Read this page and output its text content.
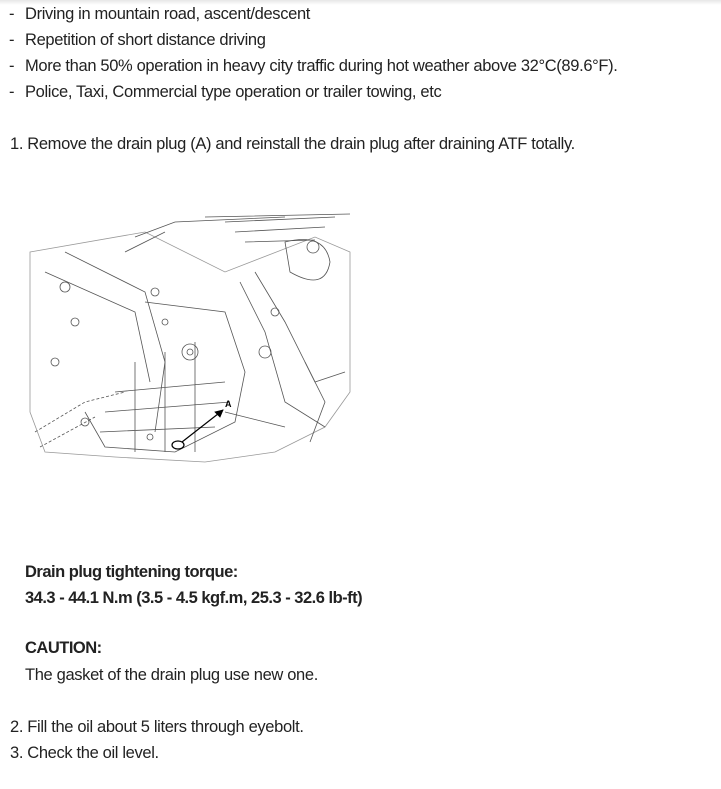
- Driving in mountain road, ascent/descent
- Repetition of short distance driving
- More than 50% operation in heavy city traffic during hot weather above 32°C(89.6°F).
- Police, Taxi, Commercial type operation or trailer towing, etc
1. Remove the drain plug (A) and reinstall the drain plug after draining ATF totally.
A
Drain plug tightening torque:
34.3 - 44.1 N.m (3.5 - 4.5 kgf.m, 25.3 - 32.6 lb-ft)
CAUTION:
The gasket of the drain plug use new one.
2. Fill the oil about 5 liters through eyebolt.
3. Check the oil level.
